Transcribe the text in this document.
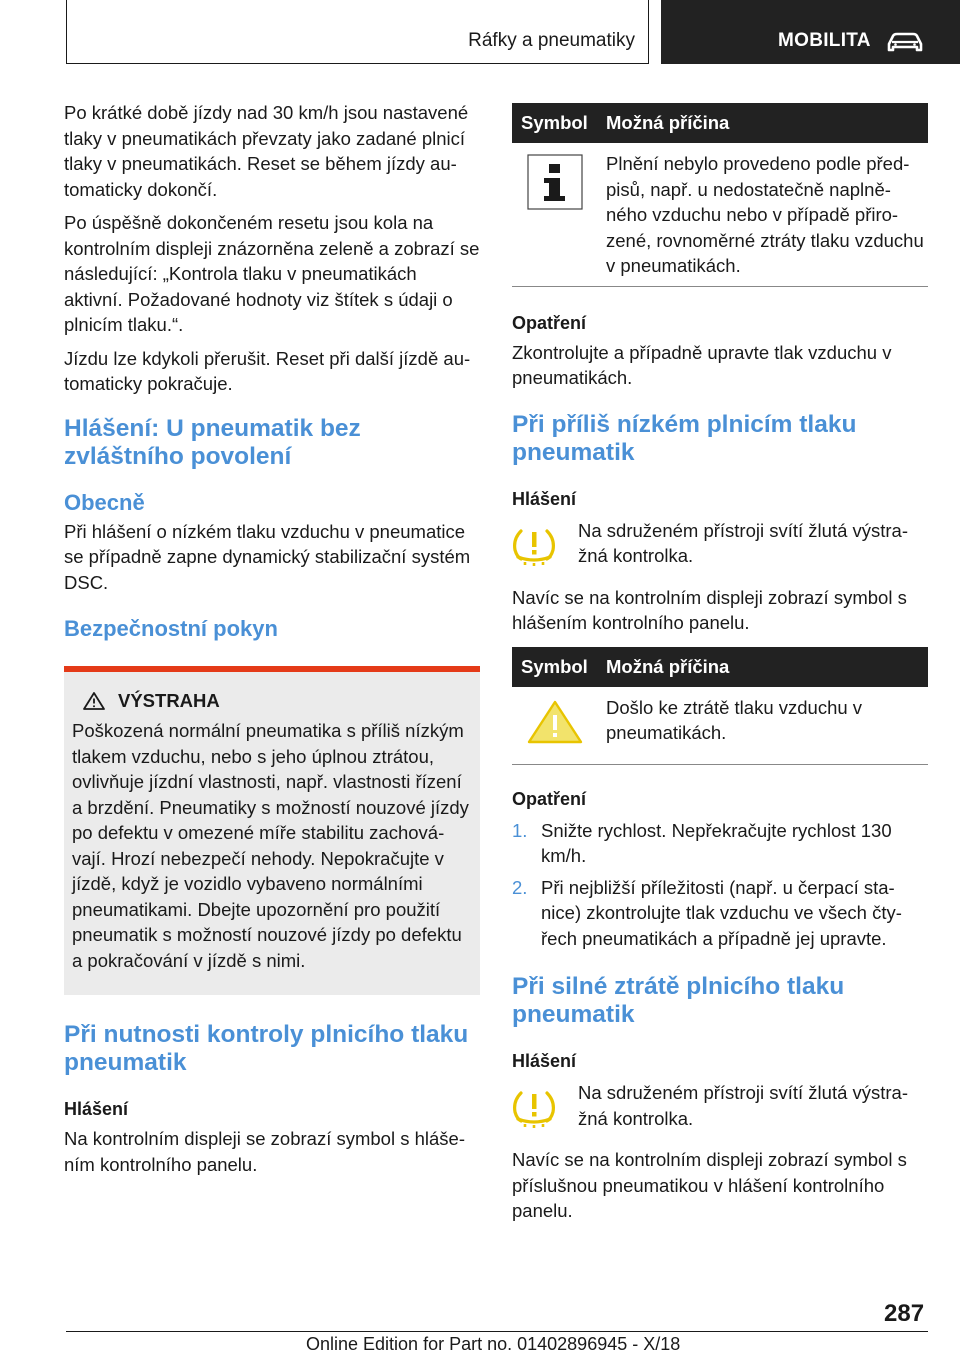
Ráfky a pneumatiky	MOBILITA

Po krátké době jízdy nad 30 km/h jsou nastavené tlaky v pneumatikách převzaty jako zadané plnicí tlaky v pneumatikách. Reset se během jízdy au‐tomaticky dokončí.

Po úspěšně dokončeném resetu jsou kola na kontrolním displeji znázorněna zeleně a zobrazí se následující: „Kontrola tlaku v pneumatikách aktivní. Požadované hodnoty viz štítek s údaji o plnicím tlaku.“.

Jízdu lze kdykoli přerušit. Reset při další jízdě au‐tomaticky pokračuje.

Hlášení: U pneumatik bez zvláštního povolení
Obecně

Při hlášení o nízkém tlaku vzduchu v pneumatice se případně zapne dynamický stabilizační systém DSC.

Bezpečnostní pokyn
VÝSTRAHA
Poškozená normální pneumatika s příliš nízkým tlakem vzduchu, nebo s jeho úplnou ztrátou, ovlivňuje jízdní vlastnosti, např. vlastnosti řízení a brzdění. Pneumatiky s možností nouzové jízdy po defektu v omezené míře stabilitu zachová‐vají. Hrozí nebezpečí nehody. Nepokračujte v jízdě, když je vozidlo vybaveno normálními pneumatikami. Dbejte upozornění pro použití pneumatik s možností nouzové jízdy po defektu a pokračování v jízdě s nimi.
Při nutnosti kontroly plnicího tlaku pneumatik

Hlášení

Na kontrolním displeji se zobrazí symbol s hláše‐ním kontrolního panelu.

Symbol Možná příčina
Plnění nebylo provedeno podle před‐pisů, např. u nedostatečně naplně‐ného vzduchu nebo v případě přiro‐zené, rovnoměrné ztráty tlaku vzduchu v pneumatikách.

Opatření

Zkontrolujte a případně upravte tlak vzduchu v pneumatikách.

Při příliš nízkém plnicím tlaku pneumatik

Hlášení

Na sdruženém přístroji svítí žlutá výstra‐žná kontrolka.

Navíc se na kontrolním displeji zobrazí symbol s hlášením kontrolního panelu.

Symbol Možná příčina
Došlo ke ztrátě tlaku vzduchu v pneumatikách.

Opatření

1. Snižte rychlost. Nepřekračujte rychlost 130 km/h.
2. Při nejbližší příležitosti (např. u čerpací sta‐nice) zkontrolujte tlak vzduchu ve všech čty‐řech pneumatikách a případně jej upravte.
Při silné ztrátě plnicího tlaku pneumatik

Hlášení

Na sdruženém přístroji svítí žlutá výstra‐žná kontrolka.

Navíc se na kontrolním displeji zobrazí symbol s příslušnou pneumatikou v hlášení kontrolního panelu.

287
Online Edition for Part no. 01402896945 - X/18
